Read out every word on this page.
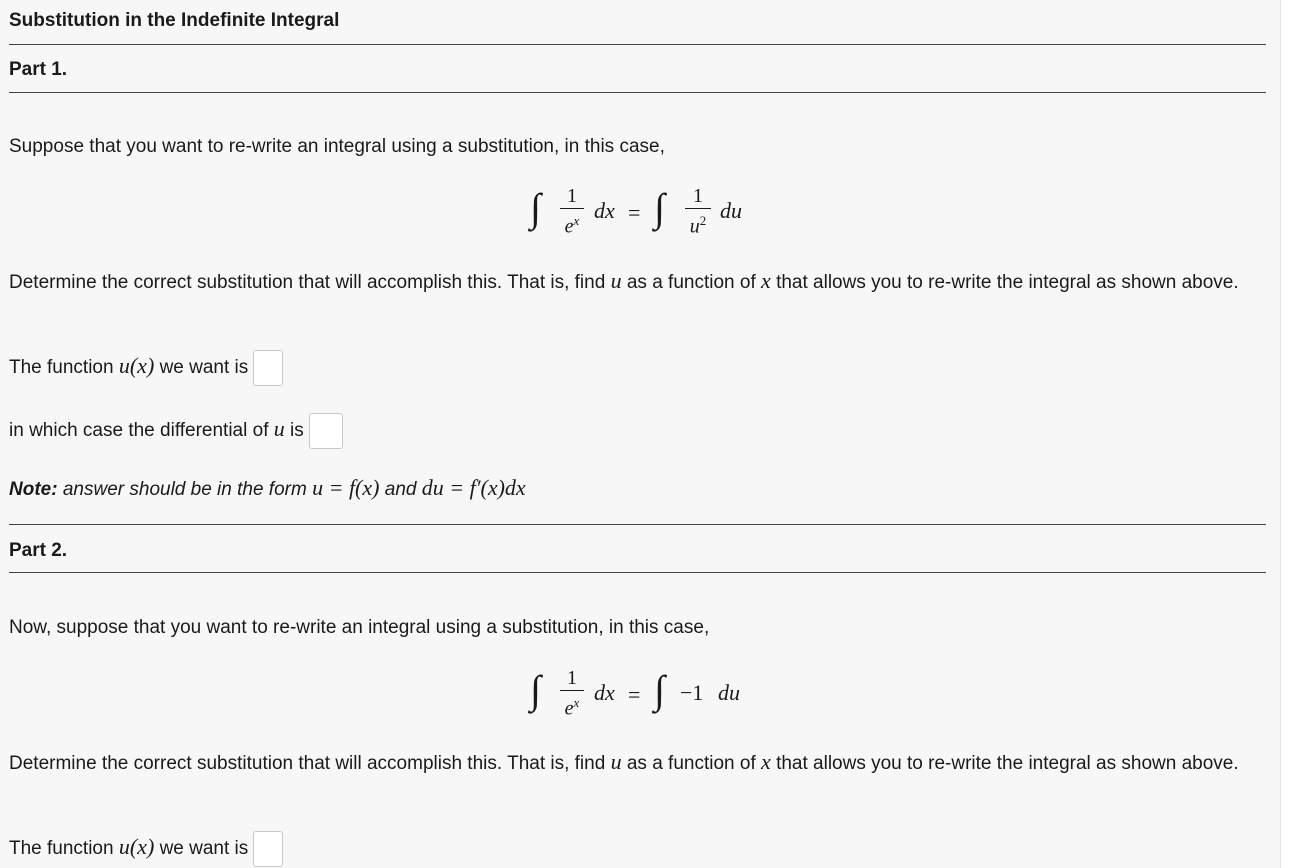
Substitution in the Indefinite Integral
Part 1.
Suppose that you want to re-write an integral using a substitution, in this case,
∫	1
$e^x$ dx = ∫	1
$u^2$ du
Determine the correct substitution that will accomplish this. That is, find u as a function of x that allows you to re-write the integral as shown above.
The function u(x) we want is
in which case the differential of u is
Note: answer should be in the form u = f(x) and du = f′(x)dx
Part 2.
Now, suppose that you want to re-write an integral using a substitution, in this case,
∫	1
$e^x$ dx = ∫ −1 du
Determine the correct substitution that will accomplish this. That is, find u as a function of x that allows you to re-write the integral as shown above.
The function u(x) we want is
